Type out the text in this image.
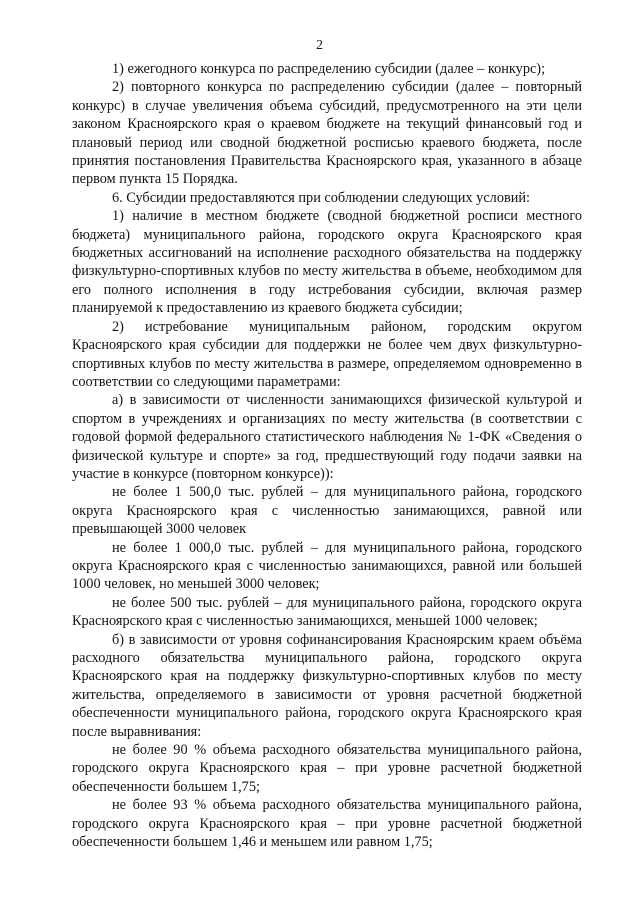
2

1) ежегодного конкурса по распределению субсидии (далее – конкурс);

2) повторного конкурса по распределению субсидии (далее – повторный конкурс) в случае увеличения объема субсидий, предусмотренного на эти цели законом Красноярского края о краевом бюджете на текущий финансовый год и плановый период или сводной бюджетной росписью краевого бюджета, после принятия постановления Правительства Красноярского края, указанного в абзаце первом пункта 15 Порядка.

6. Субсидии предоставляются при соблюдении следующих условий:

1) наличие в местном бюджете (сводной бюджетной росписи местного бюджета) муниципального района, городского округа Красноярского края бюджетных ассигнований на исполнение расходного обязательства на поддержку физкультурно-спортивных клубов по месту жительства в объеме, необходимом для его полного исполнения в году истребования субсидии, включая размер планируемой к предоставлению из краевого бюджета субсидии;

2) истребование муниципальным районом, городским округом Красноярского края субсидии для поддержки не более чем двух физкультурно-спортивных клубов по месту жительства в размере, определяемом одновременно в соответствии со следующими параметрами:

а) в зависимости от численности занимающихся физической культурой и спортом в учреждениях и организациях по месту жительства (в соответствии с годовой формой федерального статистического наблюдения № 1-ФК «Сведения о физической культуре и спорте» за год, предшествующий году подачи заявки на участие в конкурсе (повторном конкурсе)):

не более 1 500,0 тыс. рублей – для муниципального района, городского округа Красноярского края с численностью занимающихся, равной или превышающей 3000 человек

не более 1 000,0 тыс. рублей – для муниципального района, городского округа Красноярского края с численностью занимающихся, равной или большей 1000 человек, но меньшей 3000 человек;

не более 500 тыс. рублей – для муниципального района, городского округа Красноярского края с численностью занимающихся, меньшей 1000 человек;

б) в зависимости от уровня софинансирования Красноярским краем объёма расходного обязательства муниципального района, городского округа Красноярского края на поддержку физкультурно-спортивных клубов по месту жительства, определяемого в зависимости от уровня расчетной бюджетной обеспеченности муниципального района, городского округа Красноярского края после выравнивания:

не более 90 % объема расходного обязательства муниципального района, городского округа Красноярского края – при уровне расчетной бюджетной обеспеченности большем 1,75;

не более 93 % объема расходного обязательства муниципального района, городского округа Красноярского края – при уровне расчетной бюджетной обеспеченности большем 1,46 и меньшем или равном 1,75;
